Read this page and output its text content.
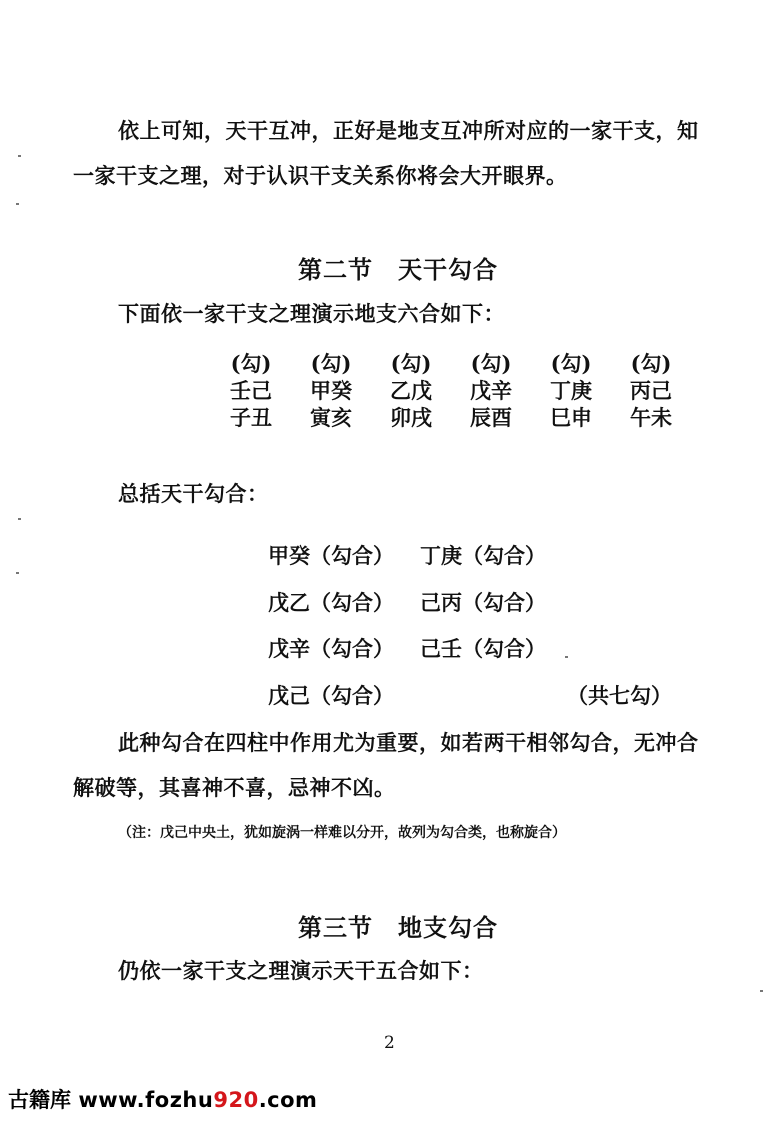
依上可知，天干互冲，正好是地支互冲所对应的一家干支，知
一家干支之理，对于认识干支关系你将会大开眼界。
第二节　天干勾合
下面依一家干支之理演示地支六合如下：
(勾)
壬己
子丑
(勾)
甲癸
寅亥
(勾)
乙戊
卯戌
(勾)
戊辛
辰酉
(勾)
丁庚
巳申
(勾)
丙己
午未
总括天干勾合：
甲癸（勾合） 丁庚（勾合）
戊乙（勾合） 己丙（勾合）
戊辛（勾合） 己壬（勾合）
戊己（勾合）	（共七勾）
此种勾合在四柱中作用尤为重要，如若两干相邻勾合，无冲合
解破等，其喜神不喜，忌神不凶。
（注：戊己中央土，犹如旋涡一样难以分开，故列为勾合类，也称旋合）
第三节　地支勾合
仍依一家干支之理演示天干五合如下：
2
古籍库 www.fozhu920.com
